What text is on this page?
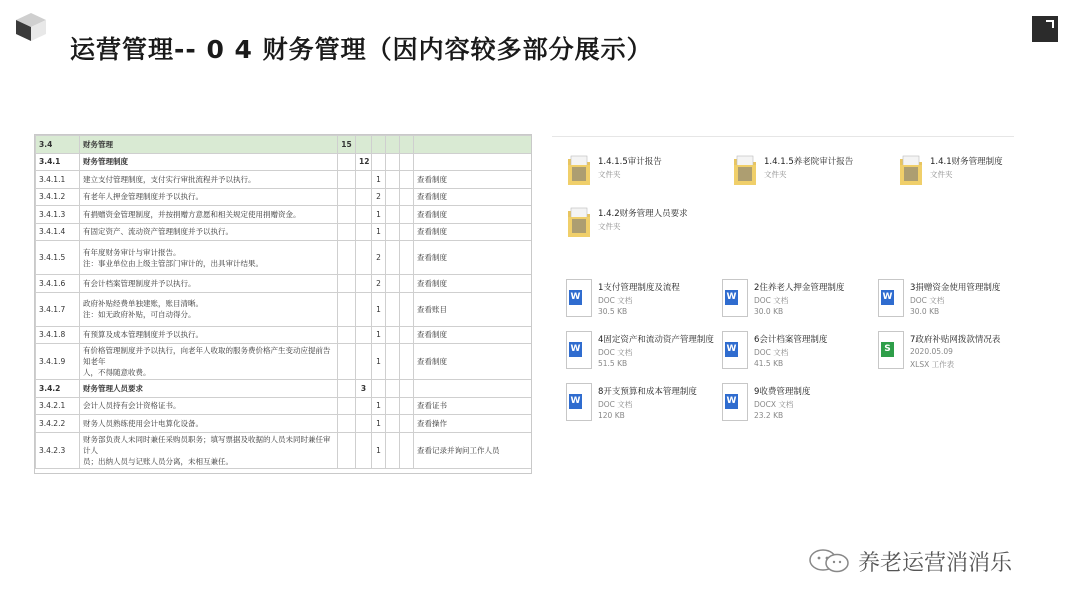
运营管理-- 0 4 财务管理（因内容较多部分展示）
3.4	财务管理	15					

3.4.1	财务管理制度		12				

3.4.1.1	建立支付管理制度，支付实行审批流程并予以执行。			1			查看制度

3.4.1.2	有老年人押金管理制度并予以执行。			2			查看制度

3.4.1.3	有捐赠资金管理制度，并按捐赠方意愿和相关规定使用捐赠资金。			1			查看制度

3.4.1.4	有固定资产、流动资产管理制度并予以执行。			1			查看制度

3.4.1.5	有年度财务审计与审计报告。
注：事业单位由上级主管部门审计的，出具审计结果。			2			查看制度

3.4.1.6	有会计档案管理制度并予以执行。			2			查看制度

3.4.1.7	政府补贴经费单独建账，账目清晰。
注：如无政府补贴，可自动得分。			1			查看账目

3.4.1.8	有预算及成本管理制度并予以执行。			1			查看制度

3.4.1.9	有价格管理制度并予以执行，向老年人收取的服务费价格产生变动应提前告知老年
人，不得随意收费。			1			查看制度

3.4.2	财务管理人员要求		3				

3.4.2.1	会计人员持有会计资格证书。			1			查看证书

3.4.2.2	财务人员熟练使用会计电算化设备。			1			查看操作

3.4.2.3	财务部负责人未同时兼任采购员职务；填写票据及收据的人员未同时兼任审计人
员；出纳人员与记账人员分离，未相互兼任。			1			查看记录并询问工作人员
1.4.1.5审计报告
文件夹
1.4.1.5养老院审计报告
文件夹
1.4.1财务管理制度
文件夹
1.4.2财务管理人员要求
文件夹
W
1支付管理制度及流程
DOC 文档
30.5 KB
W
2住养老人押金管理制度
DOC 文档
30.0 KB
W
3捐赠资金使用管理制度
DOC 文档
30.0 KB
W
4固定资产和流动资产管理制度
DOC 文档
51.5 KB
W
6会计档案管理制度
DOC 文档
41.5 KB
S
7政府补贴网拨款情况表
2020.05.09
XLSX 工作表
W
8开支预算和成本管理制度
DOC 文档
120 KB
W
9收费管理制度
DOCX 文档
23.2 KB
养老运营消消乐
